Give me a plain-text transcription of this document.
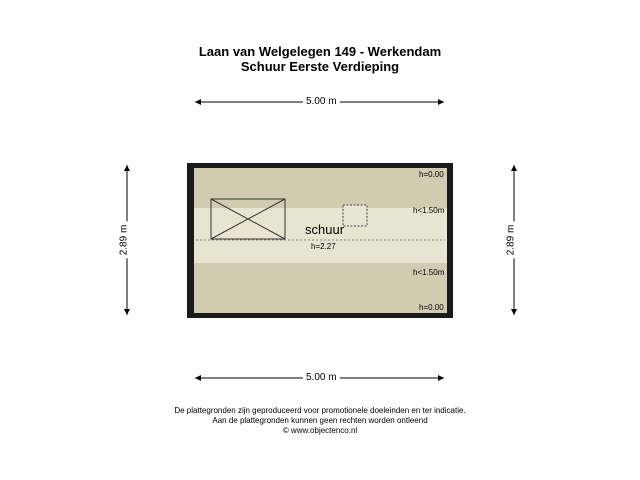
Laan van Welgelegen 149 - Werkendam
Schuur Eerste Verdieping
5.00 m
5.00 m
2.89 m	2.89 m
schuur
h=2.27
h=0.00
h<1.50m
h<1.50m
h=0.00
De plattegronden zijn geproduceerd voor promotionele doeleinden en ter indicatie.
Aan de plattegronden kunnen geen rechten worden ontleend
© www.objectenco.nl
